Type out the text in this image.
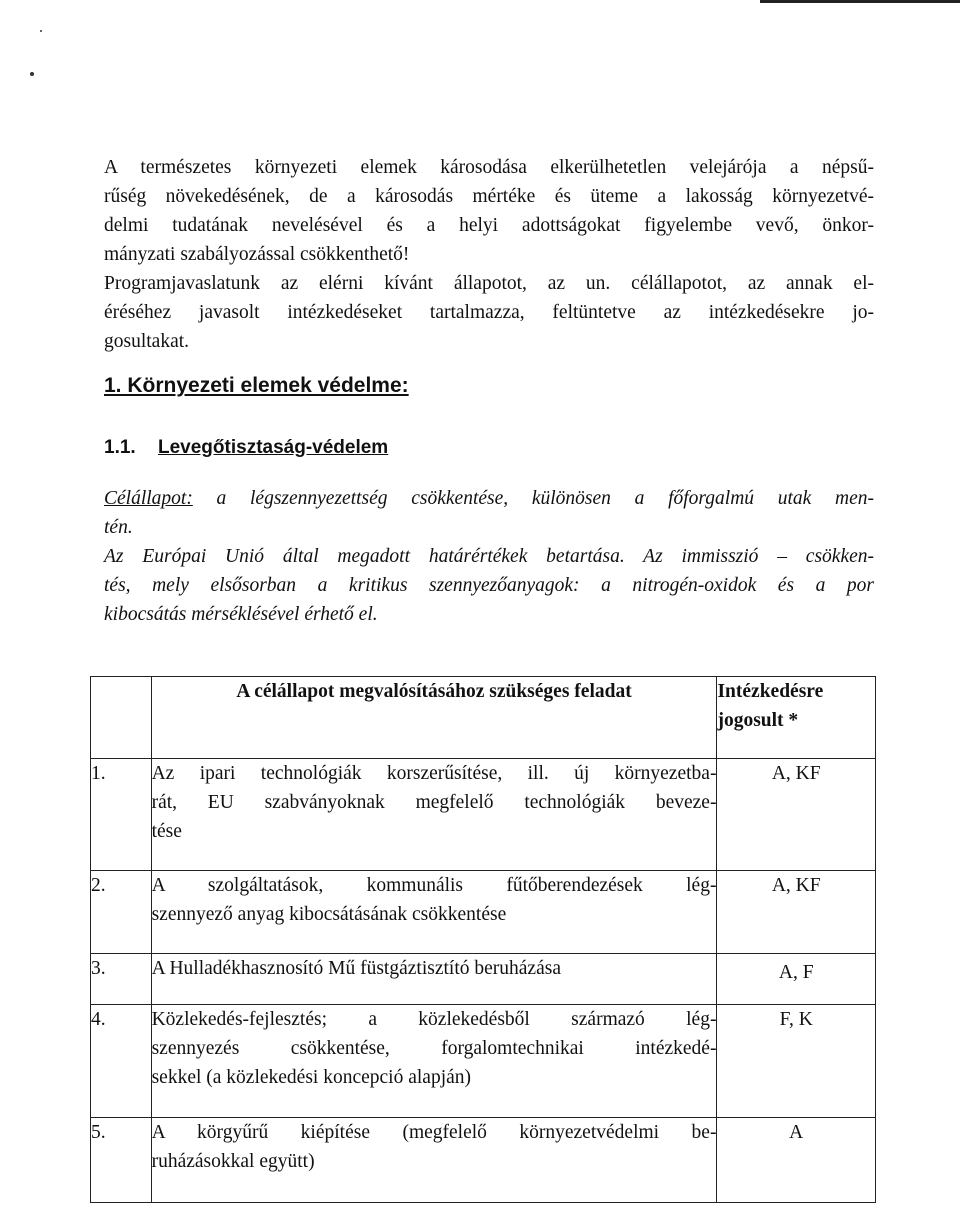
A természetes környezeti elemek károsodása elkerülhetetlen velejárója a népsű-
rűség növekedésének, de a károsodás mértéke és üteme a lakosság környezetvé-
delmi tudatának nevelésével és a helyi adottságokat figyelembe vevő, önkor-
mányzati szabályozással csökkenthető!
Programjavaslatunk az elérni kívánt állapotot, az un. célállapotot, az annak el-
éréséhez javasolt intézkedéseket tartalmazza, feltüntetve az intézkedésekre jo-
gosultakat.
1. Környezeti elemek védelme:
1.1. Levegőtisztaság-védelem
Célállapot: a légszennyezettség csökkentése, különösen a főforgalmú utak men-
tén.
Az Európai Unió által megadott határértékek betartása. Az immisszió – csökken-
tés, mely elsősorban a kritikus szennyezőanyagok: a nitrogén-oxidok és a por
kibocsátás mérséklésével érhető el.
	A célállapot megvalósításához szükséges feladat	Intézkedésre
jogosult *

1.	Az ipari technológiák korszerűsítése, ill. új környezetba-
rát, EU szabványoknak megfelelő technológiák beveze-
tése	A, KF
2.	A szolgáltatások, kommunális fűtőberendezések lég-
szennyező anyag kibocsátásának csökkentése	A, KF
3.	A Hulladékhasznosító Mű füstgáztisztító beruházása	A, F
4.	Közlekedés-fejlesztés; a közlekedésből származó lég-
szennyezés csökkentése, forgalomtechnikai intézkedé-
sekkel (a közlekedési koncepció alapján)	F, K
5.	A körgyűrű kiépítése (megfelelő környezetvédelmi be-
ruházásokkal együtt)	A
